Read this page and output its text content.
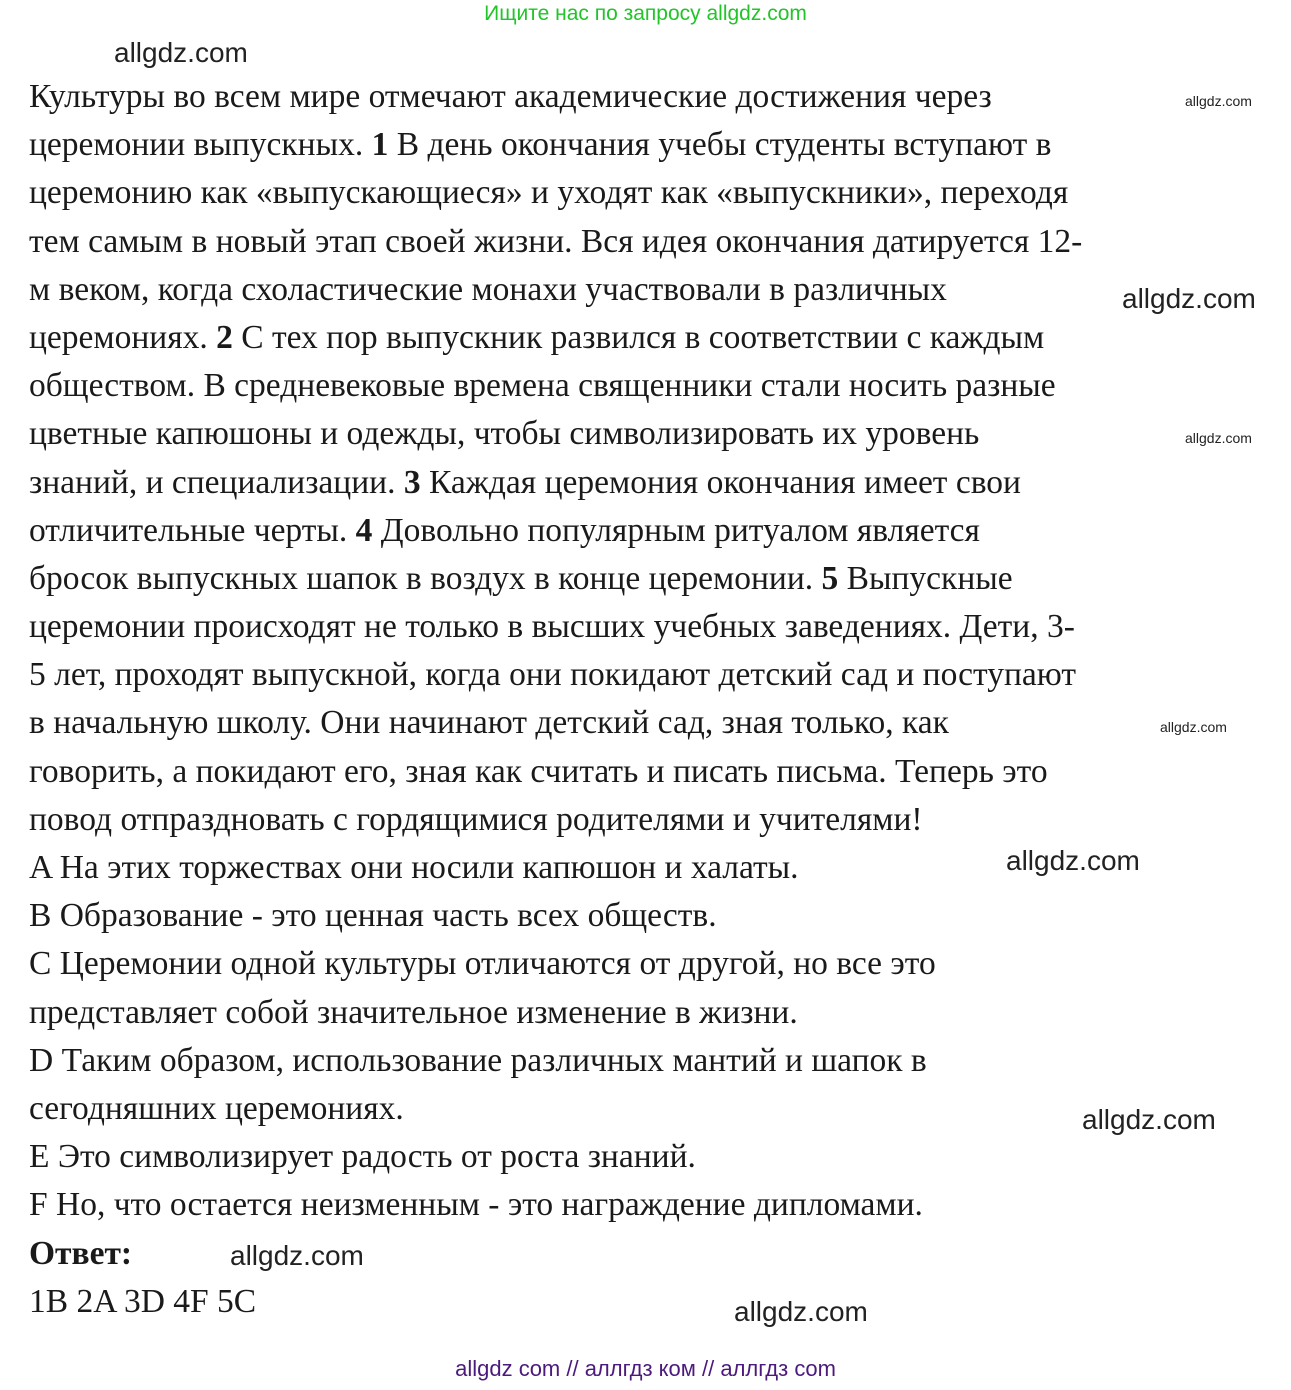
Ищите нас по запросу allgdz.com
Культуры во всем мире отмечают академические достижения через
церемонии выпускных. 1 В день окончания учебы студенты вступают в
церемонию как «выпускающиеся» и уходят как «выпускники», переходя
тем самым в новый этап своей жизни. Вся идея окончания датируется 12-
м веком, когда схоластические монахи участвовали в различных
церемониях. 2 С тех пор выпускник развился в соответствии с каждым
обществом. В средневековые времена священники стали носить разные
цветные капюшоны и одежды, чтобы символизировать их уровень
знаний, и специализации. 3 Каждая церемония окончания имеет свои
отличительные черты. 4 Довольно популярным ритуалом является
бросок выпускных шапок в воздух в конце церемонии. 5 Выпускные
церемонии происходят не только в высших учебных заведениях. Дети, 3-
5 лет, проходят выпускной, когда они покидают детский сад и поступают
в начальную школу. Они начинают детский сад, зная только, как
говорить, а покидают его, зная как считать и писать письма. Теперь это
повод отпраздновать с гордящимися родителями и учителями!
A На этих торжествах они носили капюшон и халаты.
B Образование - это ценная часть всех обществ.
C Церемонии одной культуры отличаются от другой, но все это
представляет собой значительное изменение в жизни.
D Таким образом, использование различных мантий и шапок в
сегодняшних церемониях.
E Это символизирует радость от роста знаний.
F Но, что остается неизменным - это награждение дипломами.
Ответ:
1B 2A 3D 4F 5C
allgdz.com
allgdz.com
allgdz.com
allgdz.com
allgdz.com
allgdz.com
allgdz.com
allgdz.com
allgdz.com
allgdz com // аллгдз ком // аллгдз com
